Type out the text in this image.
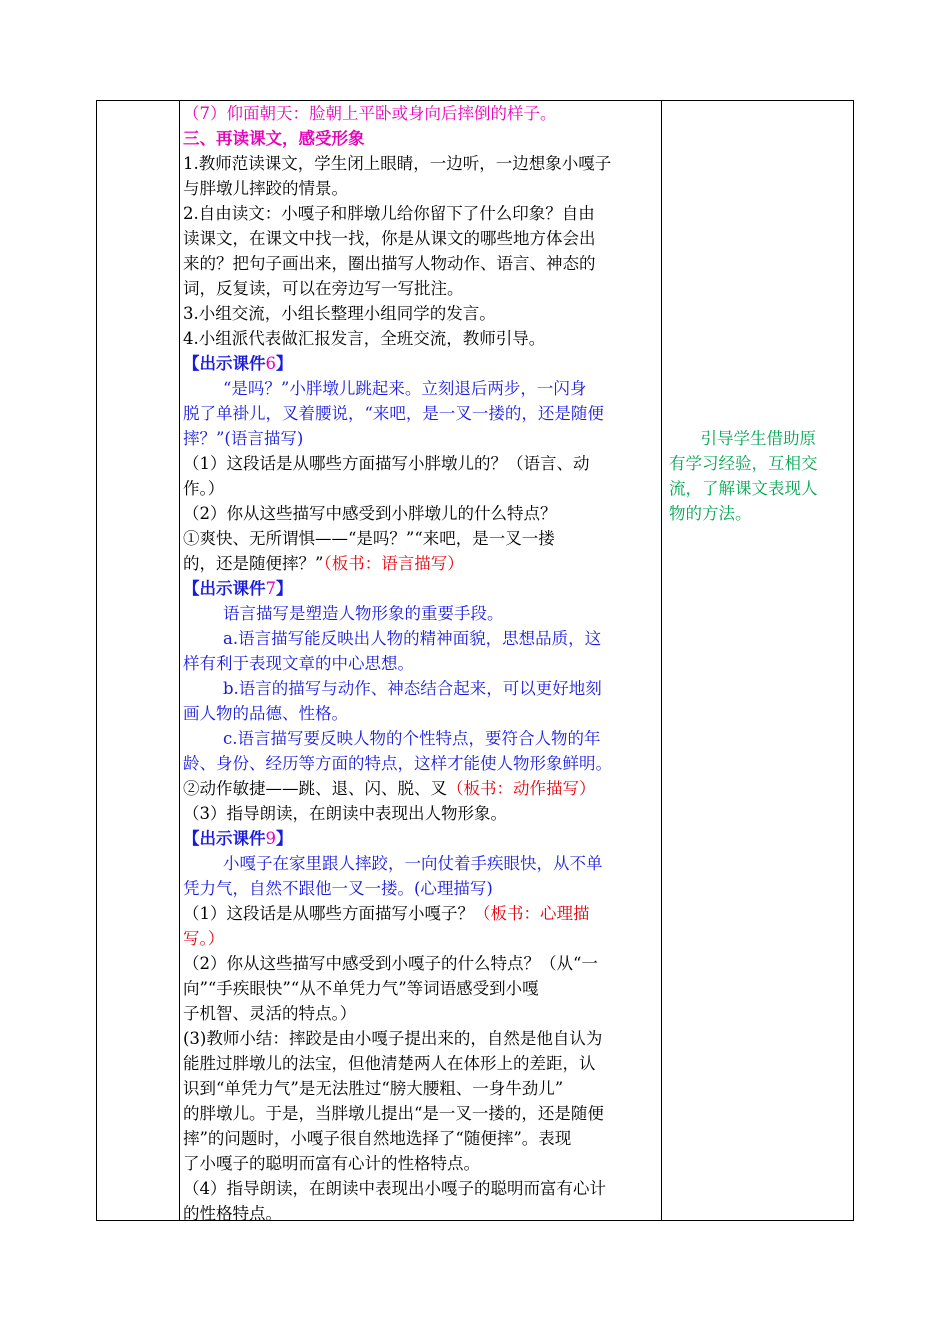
（7）仰面朝天：脸朝上平卧或身向后摔倒的样子。
三、再读课文，感受形象
1.教师范读课文，学生闭上眼睛，一边听，一边想象小嘎子
与胖墩儿摔跤的情景。
2.自由读文：小嘎子和胖墩儿给你留下了什么印象？自由
读课文，在课文中找一找，你是从课文的哪些地方体会出
来的？把句子画出来，圈出描写人物动作、语言、神态的
词，反复读，可以在旁边写一写批注。
3.小组交流，小组长整理小组同学的发言。
4.小组派代表做汇报发言，全班交流，教师引导。
【出示课件6】
“是吗？”小胖墩儿跳起来。立刻退后两步，一闪身
脱了单褂儿，叉着腰说，“来吧，是一叉一搂的，还是随便
摔？”(语言描写)
（1）这段话是从哪些方面描写小胖墩儿的？（语言、动
作。）
（2）你从这些描写中感受到小胖墩儿的什么特点？
①爽快、无所谓惧——“是吗？”“来吧，是一叉一搂
的，还是随便摔？”（板书：语言描写）
【出示课件7】
语言描写是塑造人物形象的重要手段。
a.语言描写能反映出人物的精神面貌，思想品质，这
样有利于表现文章的中心思想。
b.语言的描写与动作、神态结合起来，可以更好地刻
画人物的品德、性格。
c.语言描写要反映人物的个性特点，要符合人物的年
龄、身份、经历等方面的特点，这样才能使人物形象鲜明。
②动作敏捷——跳、退、闪、脱、叉（板书：动作描写）
（3）指导朗读，在朗读中表现出人物形象。
【出示课件9】
小嘎子在家里跟人摔跤，一向仗着手疾眼快，从不单
凭力气，自然不跟他一叉一搂。(心理描写)
（1）这段话是从哪些方面描写小嘎子？（板书：心理描
写。）
（2）你从这些描写中感受到小嘎子的什么特点？（从“一
向”“手疾眼快”“从不单凭力气”等词语感受到小嘎
子机智、灵活的特点。）
(3)教师小结：摔跤是由小嘎子提出来的，自然是他自认为
能胜过胖墩儿的法宝，但他清楚两人在体形上的差距，认
识到“单凭力气”是无法胜过“膀大腰粗、一身牛劲儿”
的胖墩儿。于是，当胖墩儿提出“是一叉一搂的，还是随便
摔”的问题时，小嘎子很自然地选择了“随便摔”。表现
了小嘎子的聪明而富有心计的性格特点。
（4）指导朗读，在朗读中表现出小嘎子的聪明而富有心计
的性格特点。
引导学生借助原
有学习经验，互相交
流，了解课文表现人
物的方法。
